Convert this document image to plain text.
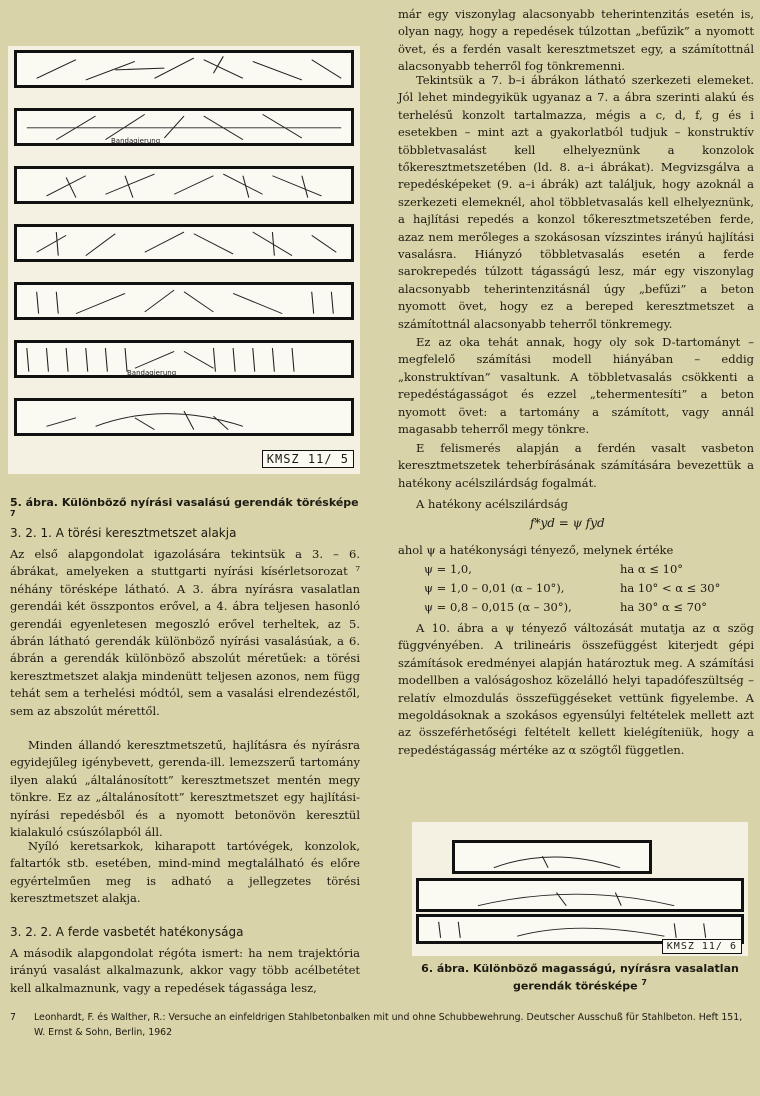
Bandagierung
Bandagierung
KMSZ 11/ 5
5. ábra. Különböző nyírási vasalású gerendák törésképe $^7$
3. 2. 1. A törési keresztmetszet alakja
Az első alapgondolat igazolására tekintsük a 3. – 6. ábrákat, amelyeken a stuttgarti nyírási kísérletsorozat ⁷ néhány törésképe látható. A 3. ábra nyírásra vasalatlan gerendái két összpontos erővel, a 4. ábra teljesen hasonló gerendái egyenletesen megoszló erővel terheltek, az 5. ábrán látható gerendák különböző nyírási vasalásúak, a 6. ábrán a gerendák különböző abszolút méretűek: a törési keresztmetszet alakja mindenütt teljesen azonos, nem függ tehát sem a terhelési módtól, sem a vasalási elrendezéstől, sem az abszolút mérettől.
Minden állandó keresztmetszetű, hajlításra és nyírásra egyidejűleg igénybevett, gerenda-ill. lemezszerű tartomány ilyen alakú „általánosított” keresztmetszet mentén megy tönkre. Ez az „általánosított” keresztmetszet egy hajlítási-nyírási repedésből és a nyomott betonövön keresztül kialakuló csúszólapból áll.
Nyíló keretsarkok, kiharapott tartóvégek, konzolok, faltartók stb. esetében, mind-mind megtalálható és előre egyértelműen meg is adható a jellegzetes törési keresztmetszet alakja.
3. 2. 2. A ferde vasbetét hatékonysága
A második alapgondolat régóta ismert: ha nem trajektória irányú vasalást alkalmazunk, akkor vagy több acélbetétet kell alkalmaznunk, vagy a repedések tágassága lesz,
már egy viszonylag alacsonyabb teherintenzitás esetén is, olyan nagy, hogy a repedések túlzottan „befűzik” a nyomott övet, és a ferdén vasalt keresztmetszet egy, a számítottnál alacsonyabb teherről fog tönkremenni.
Tekintsük a 7. b–i ábrákon látható szerkezeti elemeket. Jól lehet mindegyikük ugyanaz a 7. a ábra szerinti alakú és terhelésű konzolt tartalmazza, mégis a c, d, f, g és i esetekben – mint azt a gyakorlatból tudjuk – konstruktív többletvasalást kell elhelyeznünk a konzolok tőkeresztmetszetében (ld. 8. a–i ábrákat). Megvizsgálva a repedésképeket (9. a–i ábrák) azt találjuk, hogy azoknál a szerkezeti elemeknél, ahol többletvasalás kell elhelyeznünk, a hajlítási repedés a konzol tőkeresztmetszetében ferde, azaz nem merőleges a szokásosan vízszintes irányú hajlítási vasalásra. Hiányzó többletvasalás esetén a ferde sarokrepedés túlzott tágasságú lesz, már egy viszonylag alacsonyabb teherintenzitásnál úgy „befűzi” a beton nyomott övet, hogy ez a bereped keresztmetszet a számítottnál alacsonyabb teherről tönkremegy.
Ez az oka tehát annak, hogy oly sok D-tartományt – megfelelő számítási modell hiányában – eddig „konstruktívan” vasaltunk. A többletvasalás csökkenti a repedéstágasságot és ezzel „tehermentesíti” a beton nyomott övet: a tartomány a számított, vagy annál magasabb teherről megy tönkre.
E felismerés alapján a ferdén vasalt vasbeton keresztmetszetek teherbírásának számítására bevezettük a hatékony acélszilárdság fogalmát.
A hatékony acélszilárdság
f*yd = ψ fyd
ahol ψ a hatékonysági tényező, melynek értéke
ψ = 1,0,	ha α ≤ 10°
ψ = 1,0 – 0,01 (α – 10°),	ha 10° < α ≤ 30°
ψ = 0,8 – 0,015 (α – 30°),	ha 30° α ≤ 70°
A 10. ábra a ψ tényező változását mutatja az α szög függvényében. A trilineáris összefüggést kiterjedt gépi számítások eredményei alapján határoztuk meg. A számítási modellben a valóságoshoz közelálló helyi tapadófeszültség – relatív elmozdulás összefüggéseket vettünk figyelembe. A megoldásoknak a szokásos egyensúlyi feltételek mellett azt az összeférhetőségi feltételt kellett kielégíteniük, hogy a repedéstágasság mértéke az α szögtől független.
KMSZ 11/ 6
6. ábra. Különböző magasságú, nyírásra vasalatlan gerendák törésképe $^7$
7 Leonhardt, F. és Walther, R.: Versuche an einfeldrigen Stahlbetonbalken mit und ohne Schubbewehrung. Deutscher Ausschuß für Stahlbeton. Heft 151, W. Ernst & Sohn, Berlin, 1962
